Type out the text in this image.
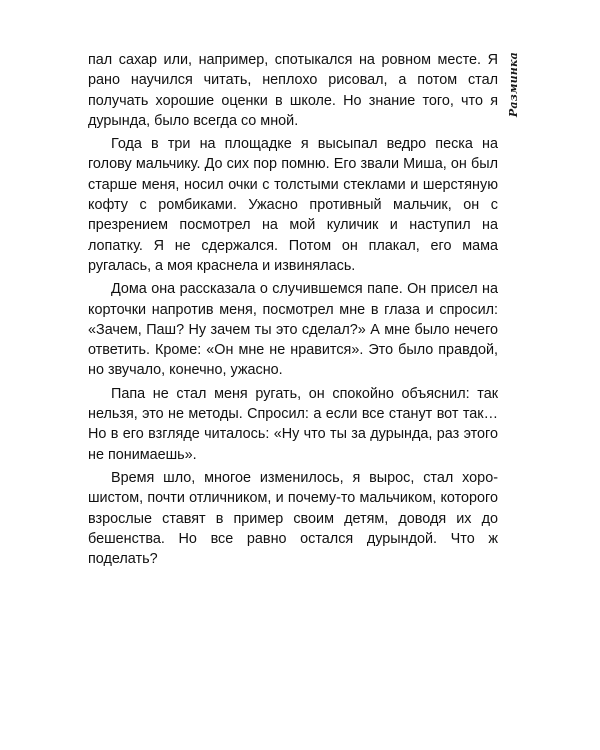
Разминка

пал сахар или, например, спотыкался на ровном месте. Я рано научился читать, неплохо рисовал, а потом стал получать хорошие оценки в школе. Но знание того, что я дурында, было всегда со мной.

Года в три на площадке я высыпал ведро песка на голову мальчику. До сих пор помню. Его звали Миша, он был старше меня, носил очки с толстыми стеклами и шерстяную кофту с ромбиками. Ужасно противный мальчик, он с презрением посмотрел на мой куличик и наступил на лопатку. Я не сдержался. Потом он плакал, его мама ругалась, а моя краснела и извинялась.

Дома она рассказала о случившемся папе. Он присел на корточки напротив меня, посмотрел мне в глаза и спросил: «Зачем, Паш? Ну зачем ты это сделал?» А мне было нечего ответить. Кроме: «Он мне не нравится». Это было правдой, но звучало, конечно, ужасно.

Папа не стал меня ругать, он спокойно объяснил: так нельзя, это не методы. Спросил: а если все станут вот так… Но в его взгляде читалось: «Ну что ты за дурында, раз этого не понимаешь».

Время шло, многое изменилось, я вырос, стал хорошистом, почти отличником, и почему-то мальчиком, которого взрослые ставят в пример своим детям, доводя их до бешенства. Но все равно остался дурындой. Что ж поделать?
